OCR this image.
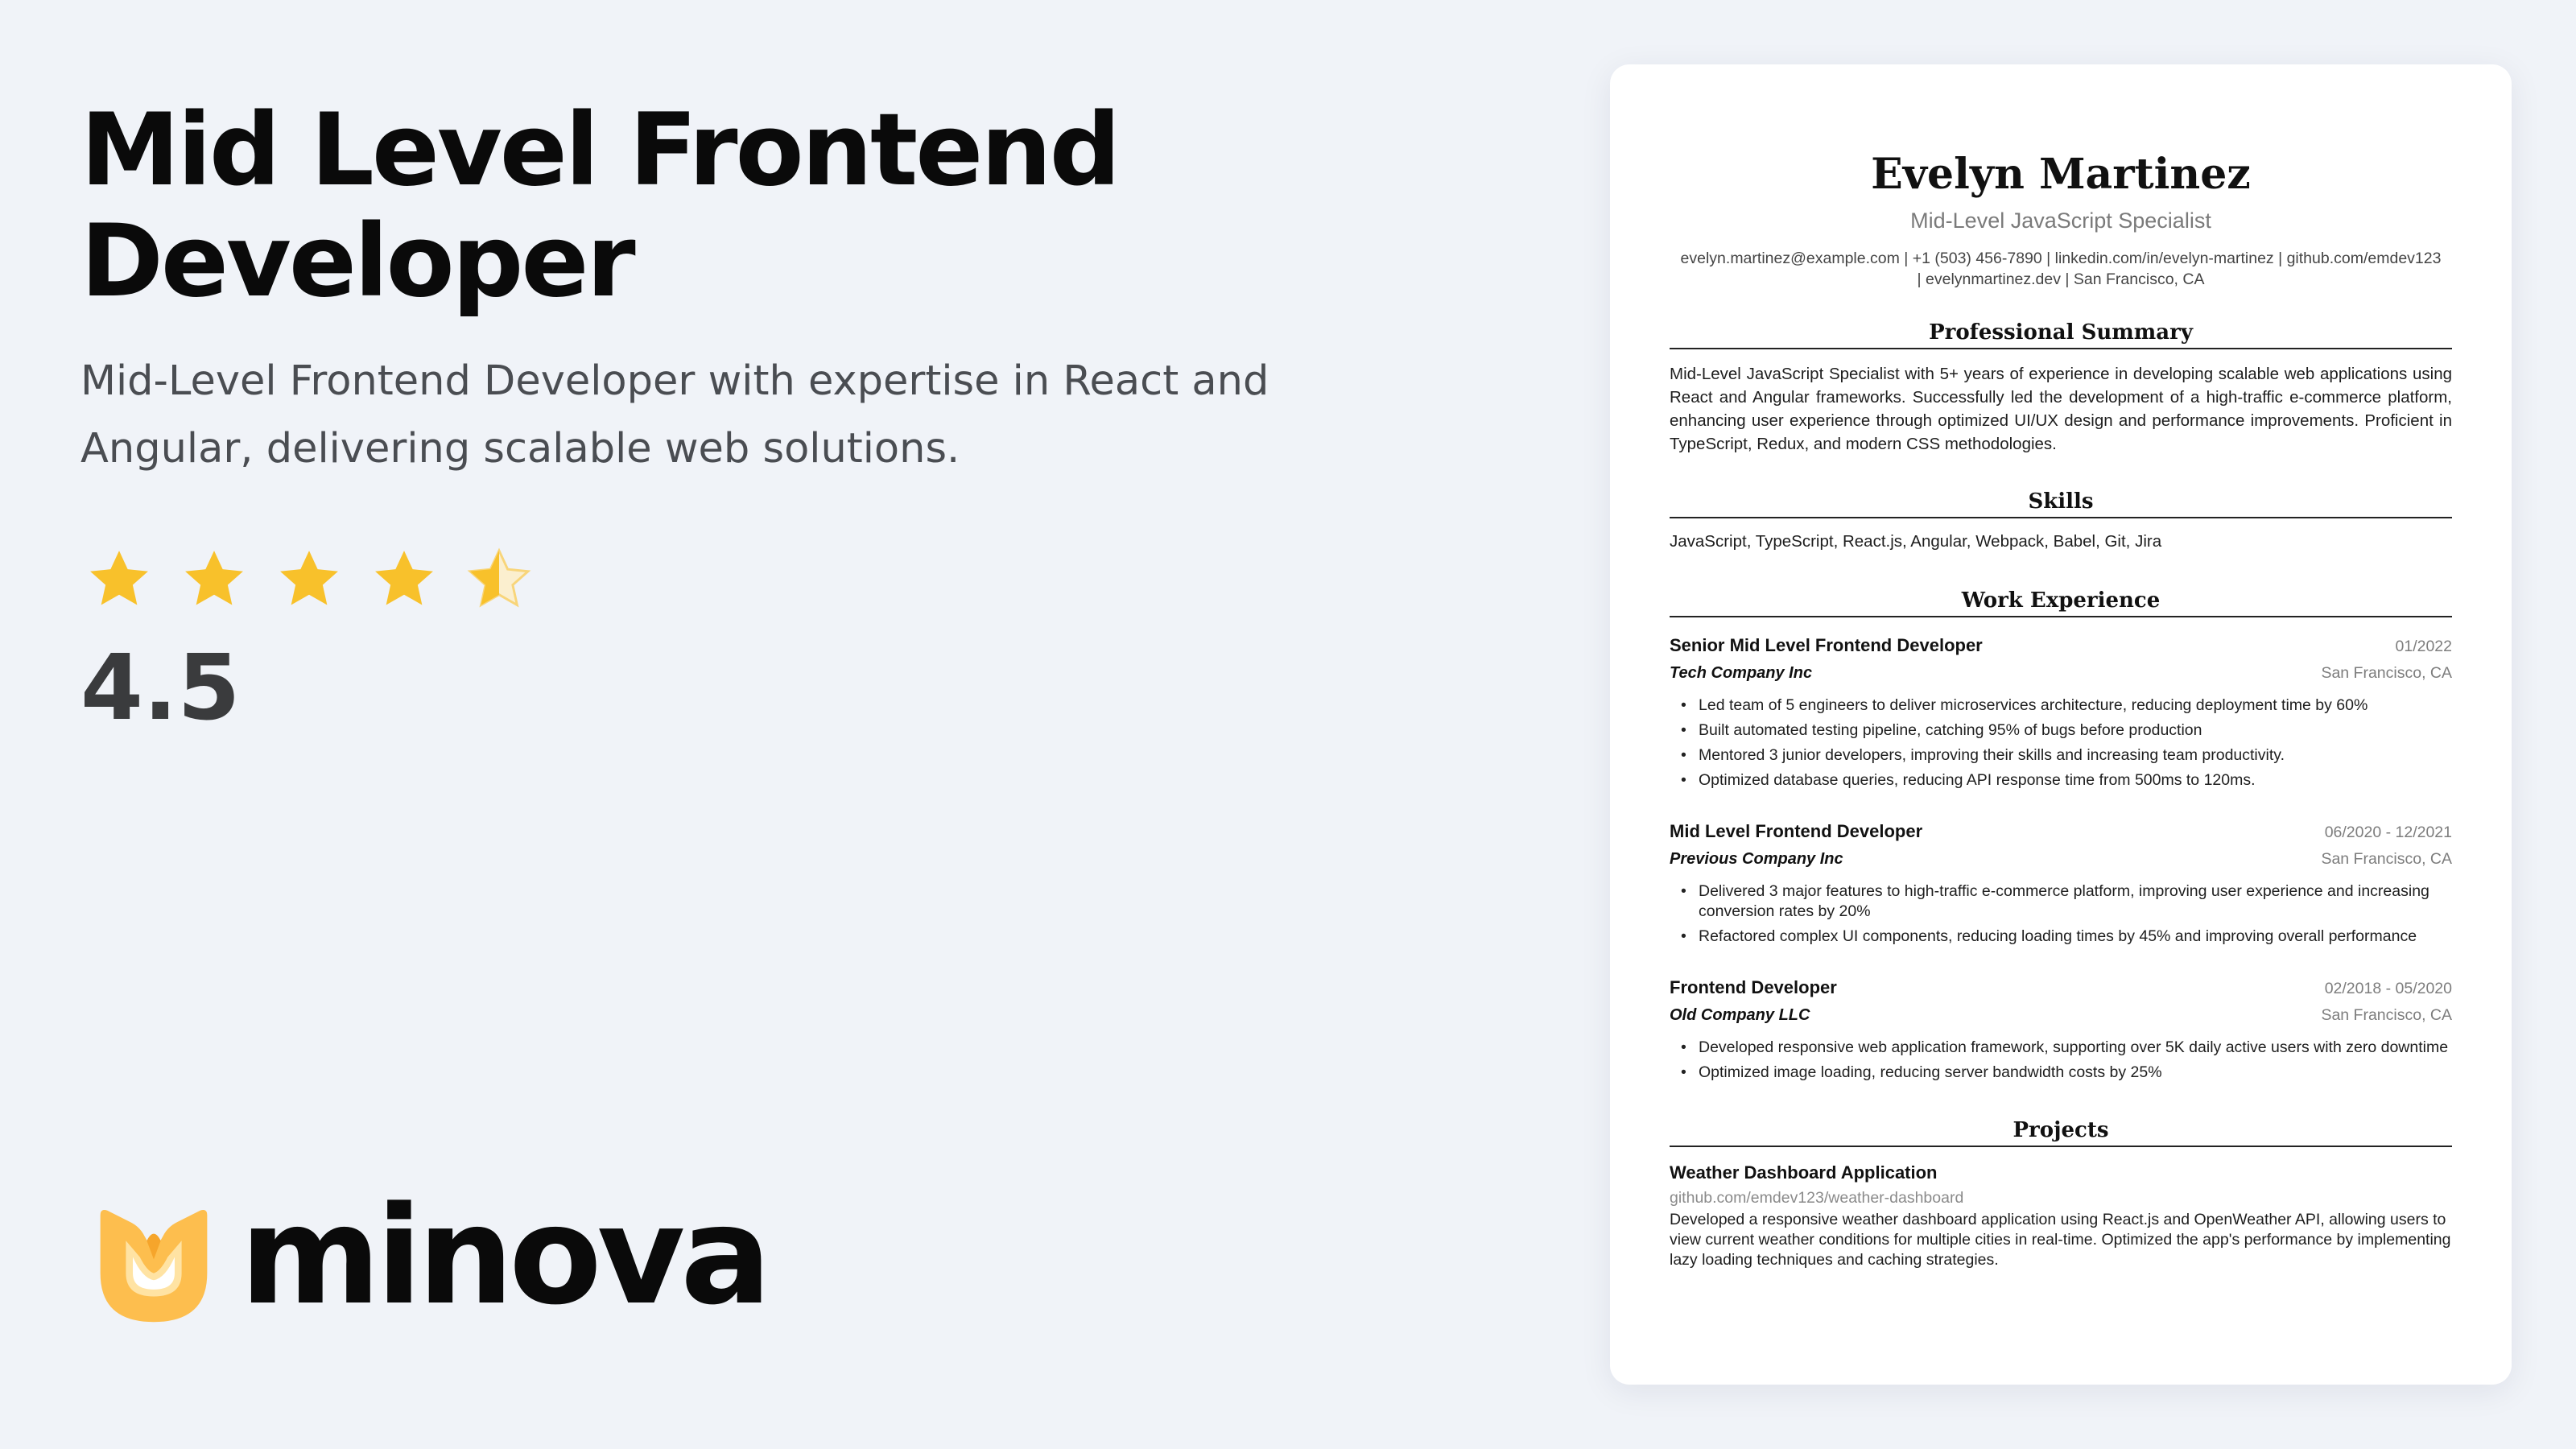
Mid Level Frontend Developer

Mid-Level Frontend Developer with expertise in React and Angular, delivering scalable web solutions.

4.5
minova
Evelyn Martinez
Mid-Level JavaScript Specialist
evelyn.martinez@example.com | +1 (503) 456-7890 | linkedin.com/in/evelyn-martinez | github.com/emdev123
| evelynmartinez.dev | San Francisco, CA
Professional Summary

Mid-Level JavaScript Specialist with 5+ years of experience in developing scalable web applications using React and Angular frameworks. Successfully led the development of a high-traffic e-commerce platform, enhancing user experience through optimized UI/UX design and performance improvements. Proficient in TypeScript, Redux, and modern CSS methodologies.

Skills

JavaScript, TypeScript, React.js, Angular, Webpack, Babel, Git, Jira

Work Experience
Senior Mid Level Frontend Developer	01/2022
Tech Company Inc	San Francisco, CA
• Led team of 5 engineers to deliver microservices architecture, reducing deployment time by 60%
• Built automated testing pipeline, catching 95% of bugs before production
• Mentored 3 junior developers, improving their skills and increasing team productivity.
• Optimized database queries, reducing API response time from 500ms to 120ms.
Mid Level Frontend Developer	06/2020 - 12/2021
Previous Company Inc	San Francisco, CA
• Delivered 3 major features to high-traffic e-commerce platform, improving user experience and increasing conversion rates by 20%
• Refactored complex UI components, reducing loading times by 45% and improving overall performance
Frontend Developer	02/2018 - 05/2020
Old Company LLC	San Francisco, CA
• Developed responsive web application framework, supporting over 5K daily active users with zero downtime
• Optimized image loading, reducing server bandwidth costs by 25%
Projects
Weather Dashboard Application
github.com/emdev123/weather-dashboard

Developed a responsive weather dashboard application using React.js and OpenWeather API, allowing users to view current weather conditions for multiple cities in real-time. Optimized the app's performance by implementing lazy loading techniques and caching strategies.
